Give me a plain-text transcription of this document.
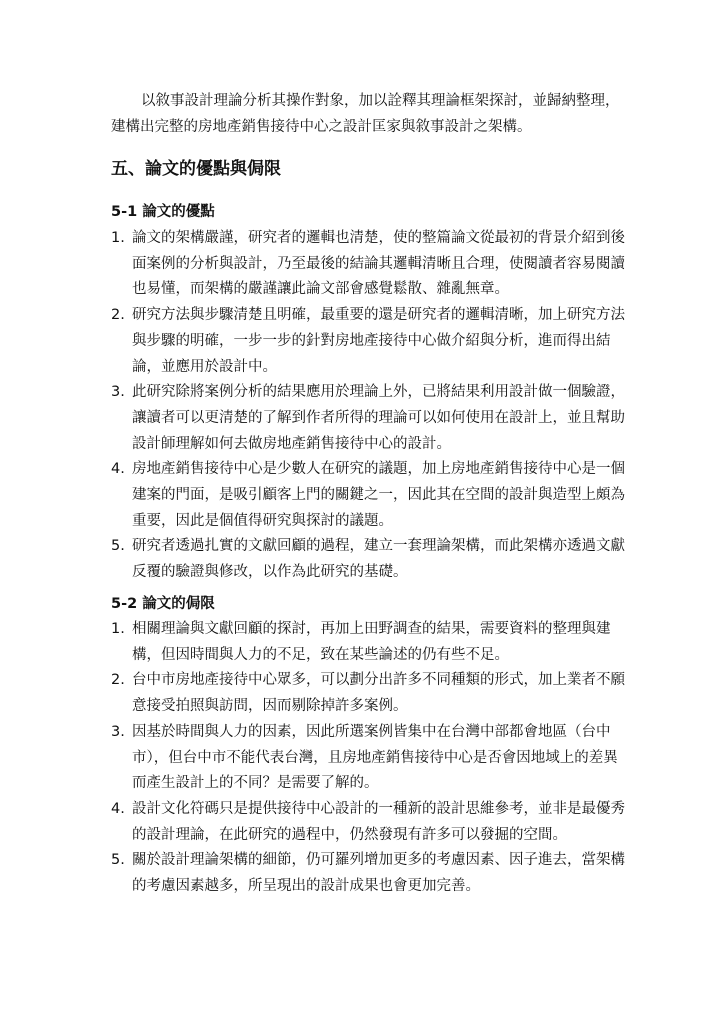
以敘事設計理論分析其操作對象，加以詮釋其理論框架探討，並歸納整理，建構出完整的房地產銷售接待中心之設計匡家與敘事設計之架構。

五、論文的優點與侷限
5-1 論文的優點
1. 論文的架構嚴謹，研究者的邏輯也清楚，使的整篇論文從最初的背景介紹到後面案例的分析與設計，乃至最後的結論其邏輯清晰且合理，使閱讀者容易閱讀也易懂，而架構的嚴謹讓此論文部會感覺鬆散、雜亂無章。
2. 研究方法與步驟清楚且明確，最重要的還是研究者的邏輯清晰，加上研究方法與步驟的明確，一步一步的針對房地產接待中心做介紹與分析，進而得出結論，並應用於設計中。
3. 此研究除將案例分析的結果應用於理論上外，已將結果利用設計做一個驗證，讓讀者可以更清楚的了解到作者所得的理論可以如何使用在設計上，並且幫助設計師理解如何去做房地產銷售接待中心的設計。
4. 房地產銷售接待中心是少數人在研究的議題，加上房地產銷售接待中心是一個建案的門面，是吸引顧客上門的關鍵之一，因此其在空間的設計與造型上頗為重要，因此是個值得研究與探討的議題。
5. 研究者透過扎實的文獻回顧的過程，建立一套理論架構，而此架構亦透過文獻反覆的驗證與修改，以作為此研究的基礎。
5-2 論文的侷限
1. 相關理論與文獻回顧的探討，再加上田野調查的結果，需要資料的整理與建構，但因時間與人力的不足，致在某些論述的仍有些不足。
2. 台中市房地產接待中心眾多，可以劃分出許多不同種類的形式，加上業者不願意接受拍照與訪問，因而剔除掉許多案例。
3. 因基於時間與人力的因素，因此所選案例皆集中在台灣中部都會地區（台中市），但台中市不能代表台灣，且房地產銷售接待中心是否會因地域上的差異而產生設計上的不同？是需要了解的。
4. 設計文化符碼只是提供接待中心設計的一種新的設計思維參考，並非是最優秀的設計理論，在此研究的過程中，仍然發現有許多可以發掘的空間。
5. 關於設計理論架構的細節，仍可羅列增加更多的考慮因素、因子進去，當架構的考慮因素越多，所呈現出的設計成果也會更加完善。
